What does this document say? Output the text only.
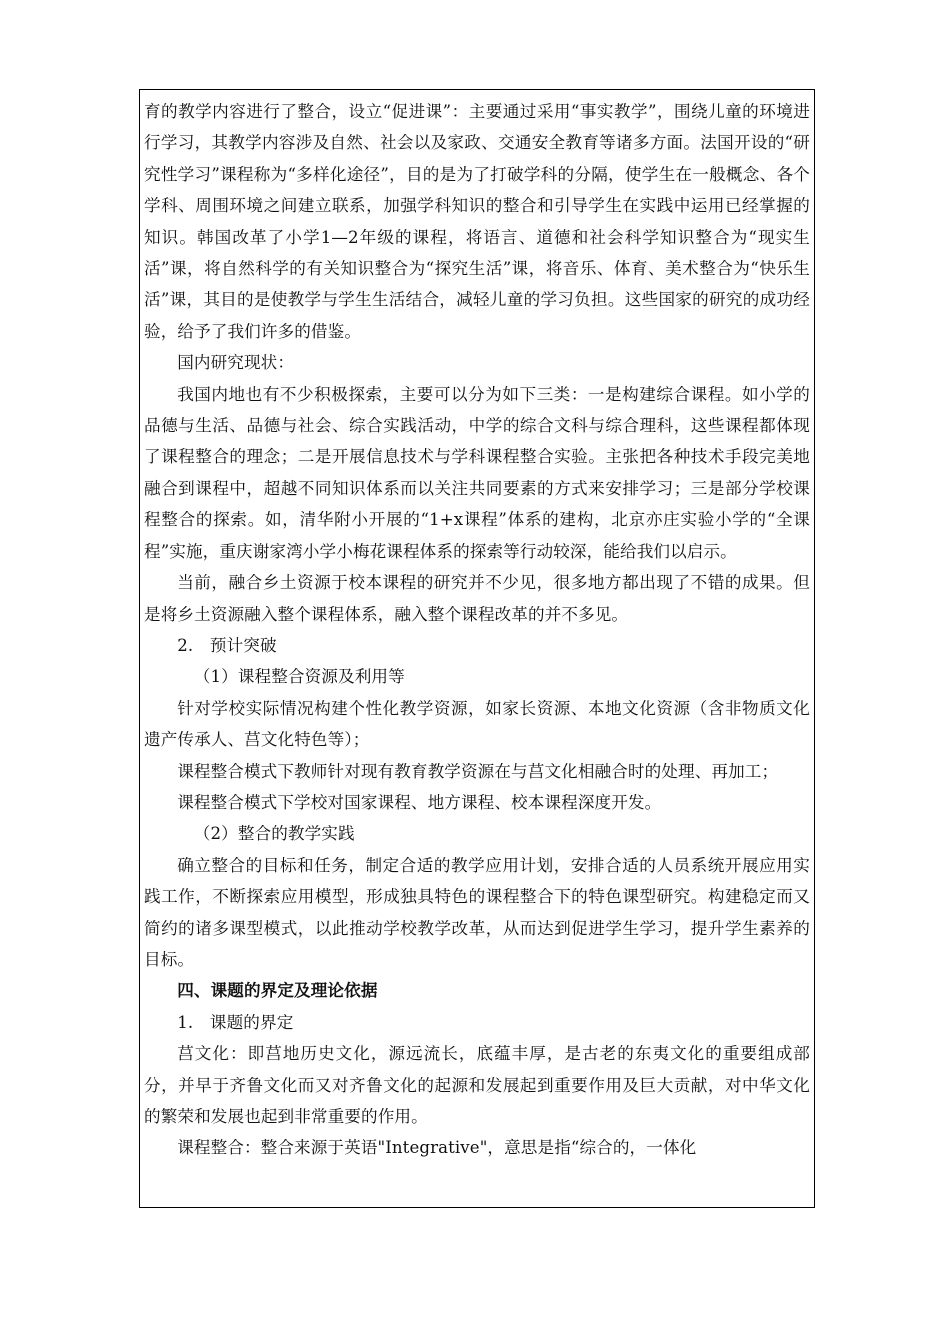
育的教学内容进行了整合，设立“促进课”：主要通过采用“事实教学”，围绕儿童的环境进行学习，其教学内容涉及自然、社会以及家政、交通安全教育等诸多方面。法国开设的“研究性学习”课程称为“多样化途径”，目的是为了打破学科的分隔，使学生在一般概念、各个学科、周围环境之间建立联系，加强学科知识的整合和引导学生在实践中运用已经掌握的知识。韩国改革了小学1—2年级的课程，将语言、道德和社会科学知识整合为“现实生活”课，将自然科学的有关知识整合为“探究生活”课，将音乐、体育、美术整合为“快乐生活”课，其目的是使教学与学生生活结合，减轻儿童的学习负担。这些国家的研究的成功经验，给予了我们许多的借鉴。

国内研究现状：

我国内地也有不少积极探索，主要可以分为如下三类：一是构建综合课程。如小学的品德与生活、品德与社会、综合实践活动，中学的综合文科与综合理科，这些课程都体现了课程整合的理念；二是开展信息技术与学科课程整合实验。主张把各种技术手段完美地融合到课程中，超越不同知识体系而以关注共同要素的方式来安排学习；三是部分学校课程整合的探索。如，清华附小开展的“1+x课程”体系的建构，北京亦庄实验小学的“全课程”实施，重庆谢家湾小学小梅花课程体系的探索等行动较深，能给我们以启示。

当前，融合乡土资源于校本课程的研究并不少见，很多地方都出现了不错的成果。但是将乡土资源融入整个课程体系，融入整个课程改革的并不多见。

2.　预计突破

（1）课程整合资源及利用等

针对学校实际情况构建个性化教学资源，如家长资源、本地文化资源（含非物质文化遗产传承人、莒文化特色等）；

课程整合模式下教师针对现有教育教学资源在与莒文化相融合时的处理、再加工；

课程整合模式下学校对国家课程、地方课程、校本课程深度开发。

（2）整合的教学实践

确立整合的目标和任务，制定合适的教学应用计划，安排合适的人员系统开展应用实践工作，不断探索应用模型，形成独具特色的课程整合下的特色课型研究。构建稳定而又简约的诸多课型模式，以此推动学校教学改革，从而达到促进学生学习，提升学生素养的目标。

四、课题的界定及理论依据

1.　课题的界定

莒文化：即莒地历史文化，源远流长，底蕴丰厚，是古老的东夷文化的重要组成部分，并早于齐鲁文化而又对齐鲁文化的起源和发展起到重要作用及巨大贡献，对中华文化的繁荣和发展也起到非常重要的作用。

课程整合：整合来源于英语"Integrative"，意思是指“综合的，一体化
